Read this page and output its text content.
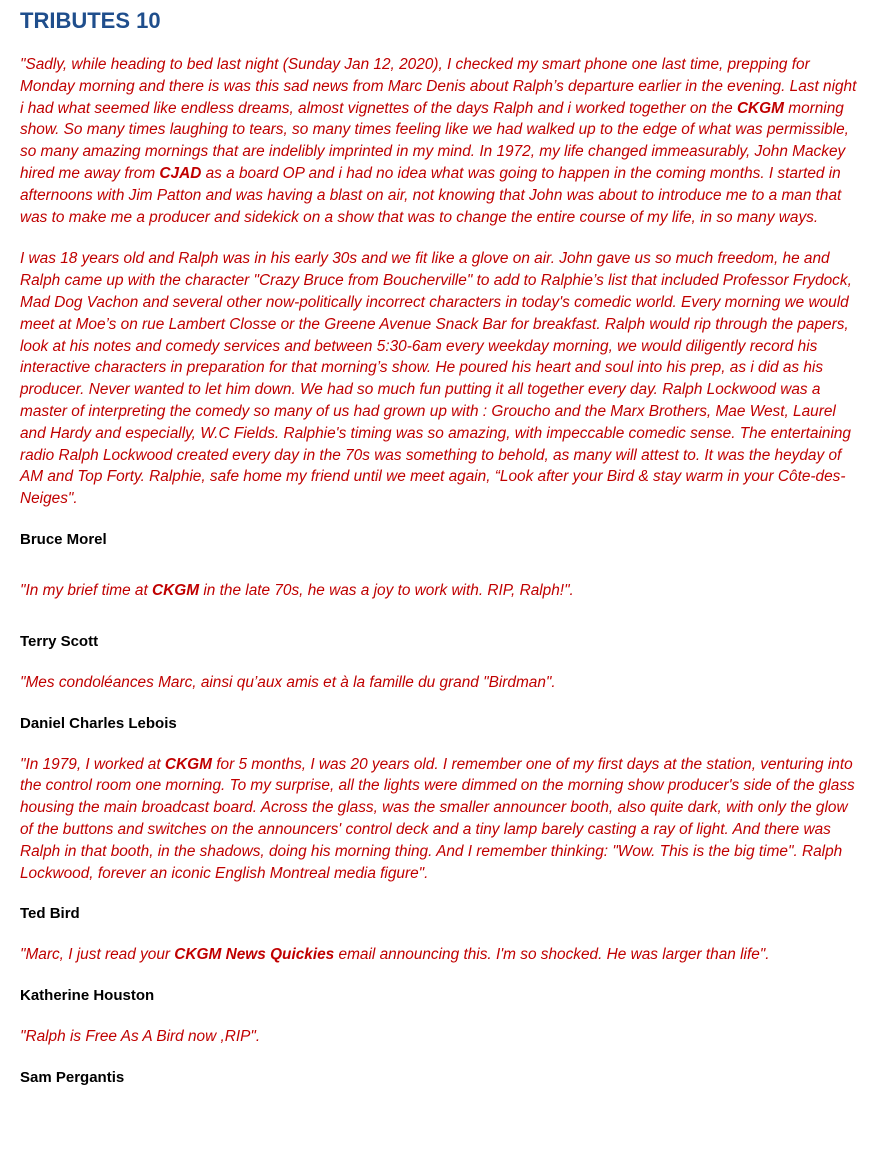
TRIBUTES 10

"Sadly, while heading to bed last night (Sunday Jan 12, 2020), I checked my smart phone one last time, prepping for Monday morning and there is was this sad news from Marc Denis about Ralph’s departure earlier in the evening. Last night i had what seemed like endless dreams, almost vignettes of the days Ralph and i worked together on the CKGM morning show. So many times laughing to tears, so many times feeling like we had walked up to the edge of what was permissible, so many amazing mornings that are indelibly imprinted in my mind. In 1972, my life changed immeasurably, John Mackey hired me away from CJAD as a board OP and i had no idea what was going to happen in the coming months. I started in afternoons with Jim Patton and was having a blast on air, not knowing that John was about to introduce me to a man that was to make me a producer and sidekick on a show that was to change the entire course of my life, in so many ways.

I was 18 years old and Ralph was in his early 30s and we fit like a glove on air. John gave us so much freedom, he and Ralph came up with the character "Crazy Bruce from Boucherville" to add to Ralphie’s list that included Professor Frydock, Mad Dog Vachon and several other now-politically incorrect characters in today's comedic world. Every morning we would meet at Moe’s on rue Lambert Closse or the Greene Avenue Snack Bar for breakfast. Ralph would rip through the papers, look at his notes and comedy services and between 5:30-6am every weekday morning, we would diligently record his interactive characters in preparation for that morning’s show. He poured his heart and soul into his prep, as i did as his producer. Never wanted to let him down. We had so much fun putting it all together every day. Ralph Lockwood was a master of interpreting the comedy so many of us had grown up with : Groucho and the Marx Brothers, Mae West, Laurel and Hardy and especially, W.C Fields. Ralphie's timing was so amazing, with impeccable comedic sense. The entertaining radio Ralph Lockwood created every day in the 70s was something to behold, as many will attest to. It was the heyday of AM and Top Forty. Ralphie, safe home my friend until we meet again, “Look after your Bird & stay warm in your Côte-des-Neiges".

Bruce Morel

"In my brief time at CKGM in the late 70s, he was a joy to work with. RIP, Ralph!".

Terry Scott

"Mes condoléances Marc, ainsi qu’aux amis et à la famille du grand "Birdman".

Daniel Charles Lebois

"In 1979, I worked at CKGM for 5 months, I was 20 years old. I remember one of my first days at the station, venturing into the control room one morning. To my surprise, all the lights were dimmed on the morning show producer's side of the glass housing the main broadcast board. Across the glass, was the smaller announcer booth, also quite dark, with only the glow of the buttons and switches on the announcers' control deck and a tiny lamp barely casting a ray of light. And there was Ralph in that booth, in the shadows, doing his morning thing. And I remember thinking: "Wow. This is the big time". Ralph Lockwood, forever an iconic English Montreal media figure".

Ted Bird

"Marc, I just read your CKGM News Quickies email announcing this. I'm so shocked. He was larger than life".

Katherine Houston

"Ralph is Free As A Bird now ,RIP".

Sam Pergantis
